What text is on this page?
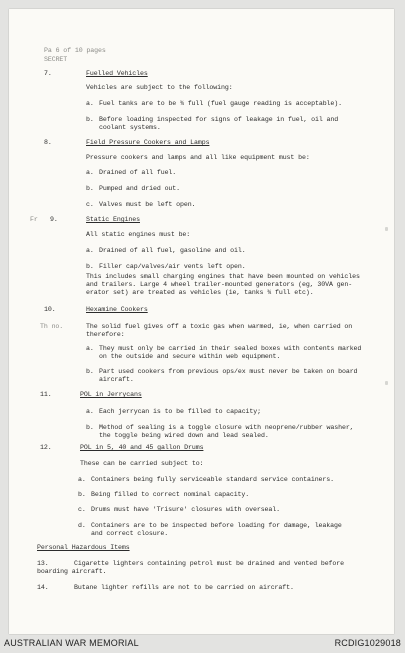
Pa 6 of 10 pages
SECRET
7.	Fuelled Vehicles
Vehicles are subject to the following:
a. Fuel tanks are to be ¾ full (fuel gauge reading is acceptable).
b. Before loading inspected for signs of leakage in fuel, oil and
coolant systems.
8.	Field Pressure Cookers and Lamps
Pressure cookers and lamps and all like equipment must be:
a. Drained of all fuel.
b. Pumped and dried out.
c. Valves must be left open.
Fr 9.	Static Engines
All static engines must be:
a. Drained of all fuel, gasoline and oil.
b. Filler cap/valves/air vents left open.
This includes small charging engines that have been mounted on vehicles
and trailers. Large 4 wheel trailer-mounted generators (eg, 30VA gen-
erator set) are treated as vehicles (ie, tanks ¾ full etc).
10.	Hexamine Cookers
Th no.	The solid fuel gives off a toxic gas when warmed, ie, when carried on
therefore:
a. They must only be carried in their sealed boxes with contents marked
on the outside and secure within web equipment.
b. Part used cookers from previous ops/ex must never be taken on board
aircraft.
11.	POL in Jerrycans
a. Each jerrycan is to be filled to capacity;
b. Method of sealing is a toggle closure with neoprene/rubber washer,
the toggle being wired down and lead sealed.
12.	POL in 5, 40 and 45 gallon Drums
These can be carried subject to:
a. Containers being fully serviceable standard service containers.
b. Being filled to correct nominal capacity.
c. Drums must have 'Trisure' closures with overseal.
d. Containers are to be inspected before loading for damage, leakage
and correct closure.
Personal Hazardous Items
13.	Cigarette lighters containing petrol must be drained and vented before
boarding aircraft.
14.	Butane lighter refills are not to be carried on aircraft.
AUSTRALIAN WAR MEMORIAL	RCDIG1029018
